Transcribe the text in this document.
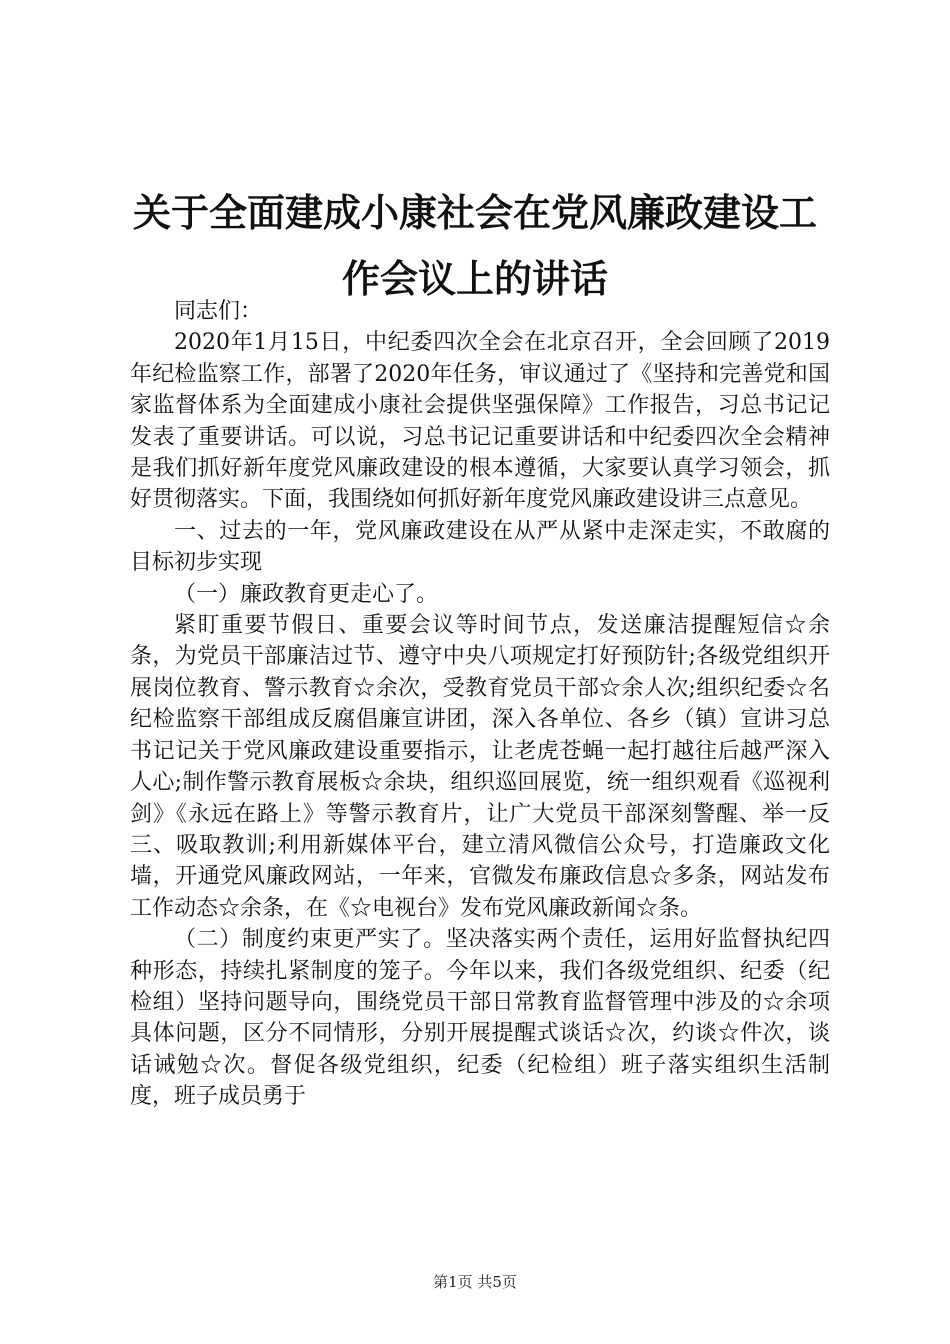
关于全面建成小康社会在党风廉政建设工作会议上的讲话

同志们：

2020年1月15日，中纪委四次全会在北京召开，全会回顾了2019年纪检监察工作，部署了2020年任务，审议通过了《坚持和完善党和国家监督体系为全面建成小康社会提供坚强保障》工作报告，习总书记记发表了重要讲话。可以说，习总书记记重要讲话和中纪委四次全会精神是我们抓好新年度党风廉政建设的根本遵循，大家要认真学习领会，抓好贯彻落实。下面，我围绕如何抓好新年度党风廉政建设讲三点意见。

一、过去的一年，党风廉政建设在从严从紧中走深走实，不敢腐的目标初步实现

（一）廉政教育更走心了。

紧盯重要节假日、重要会议等时间节点，发送廉洁提醒短信☆余条，为党员干部廉洁过节、遵守中央八项规定打好预防针;各级党组织开展岗位教育、警示教育☆余次，受教育党员干部☆余人次;组织纪委☆名纪检监察干部组成反腐倡廉宣讲团，深入各单位、各乡（镇）宣讲习总书记记关于党风廉政建设重要指示，让老虎苍蝇一起打越往后越严深入人心;制作警示教育展板☆余块，组织巡回展览，统一组织观看《巡视利剑》《永远在路上》等警示教育片，让广大党员干部深刻警醒、举一反三、吸取教训;利用新媒体平台，建立清风微信公众号，打造廉政文化墙，开通党风廉政网站，一年来，官微发布廉政信息☆多条，网站发布工作动态☆余条，在《☆电视台》发布党风廉政新闻☆条。

（二）制度约束更严实了。坚决落实两个责任，运用好监督执纪四种形态，持续扎紧制度的笼子。今年以来，我们各级党组织、纪委（纪检组）坚持问题导向，围绕党员干部日常教育监督管理中涉及的☆余项具体问题，区分不同情形，分别开展提醒式谈话☆次，约谈☆件次，谈话诫勉☆次。督促各级党组织，纪委（纪检组）班子落实组织生活制度，班子成员勇于

第1页 共5页
